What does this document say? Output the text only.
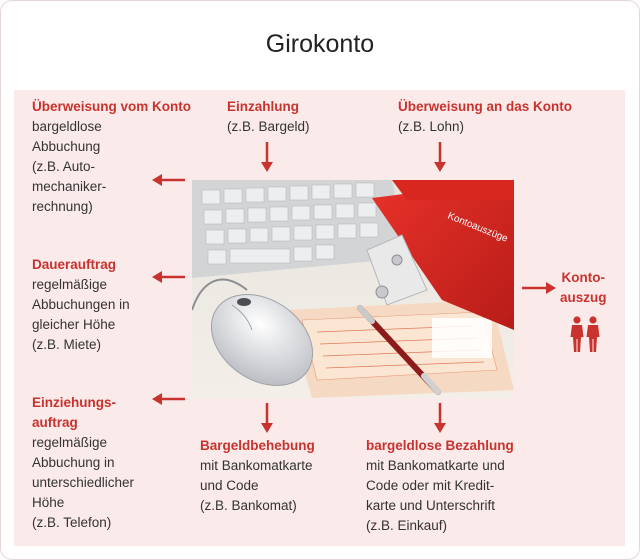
Girokonto
Überweisung vom Konto
bargeldlose
Abbuchung
(z.B. Auto-
mechaniker-
rechnung)
Einzahlung
(z.B. Bargeld)
Überweisung an das Konto
(z.B. Lohn)
Dauerauftrag
regelmäßige
Abbuchungen in
gleicher Höhe
(z.B. Miete)
Konto-
auszug
Einziehungs-
auftrag
regelmäßige
Abbuchung in
unterschiedlicher
Höhe
(z.B. Telefon)
Bargeldbehebung
mit Bankomatkarte
und Code
(z.B. Bankomat)
bargeldlose Bezahlung
mit Bankomatkarte und
Code oder mit Kredit-
karte und Unterschrift
(z.B. Einkauf)
Kontoauszüge
